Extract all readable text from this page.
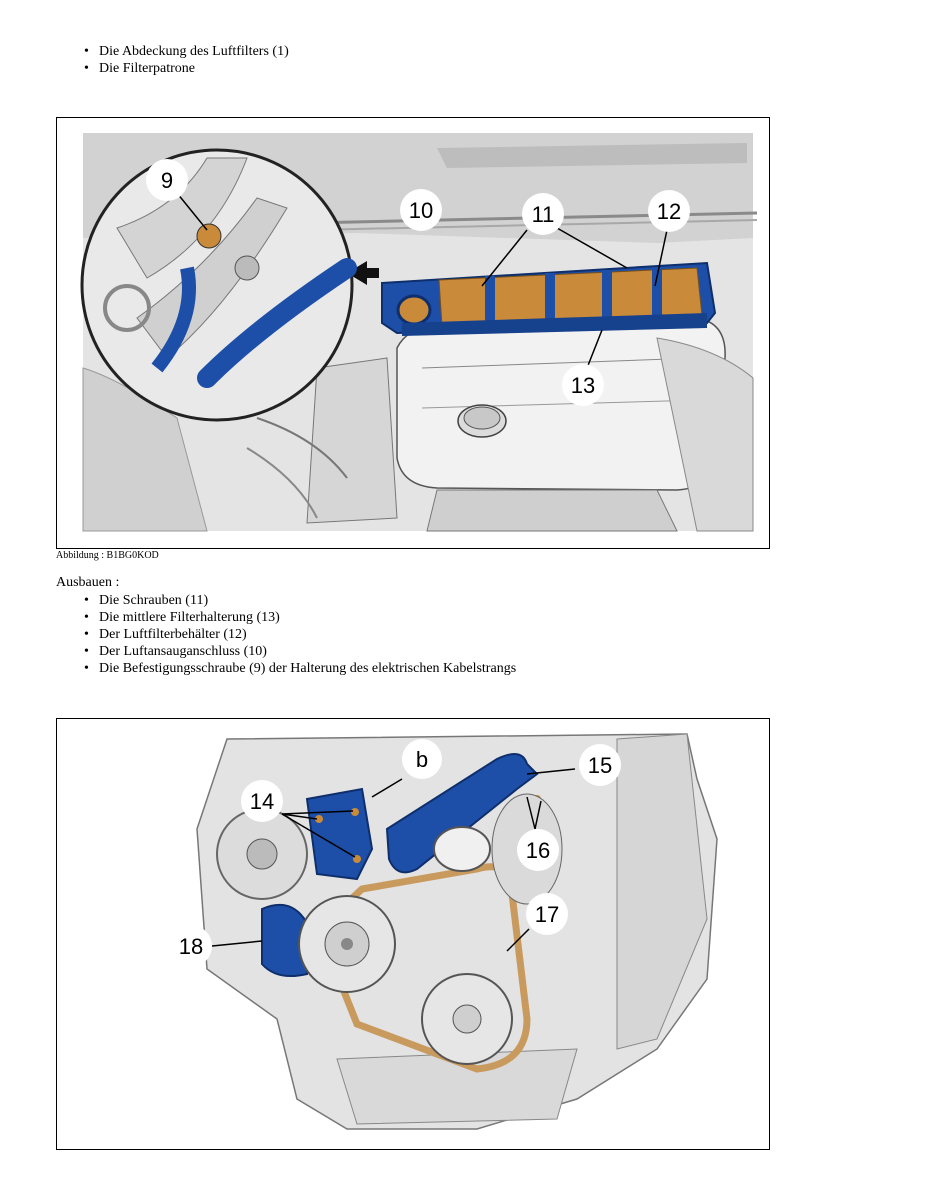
• Die Abdeckung des Luftfilters (1)
• Die Filterpatrone
9
10	11	12
13
Abbildung : B1BG0KOD
Ausbauen :
• Die Schrauben (11)
• Die mittlere Filterhalterung (13)
• Der Luftfilterbehälter (12)
• Der Luftansauganschluss (10)
• Die Befestigungsschraube (9) der Halterung des elektrischen Kabelstrangs
b
14
15
16
17
18
